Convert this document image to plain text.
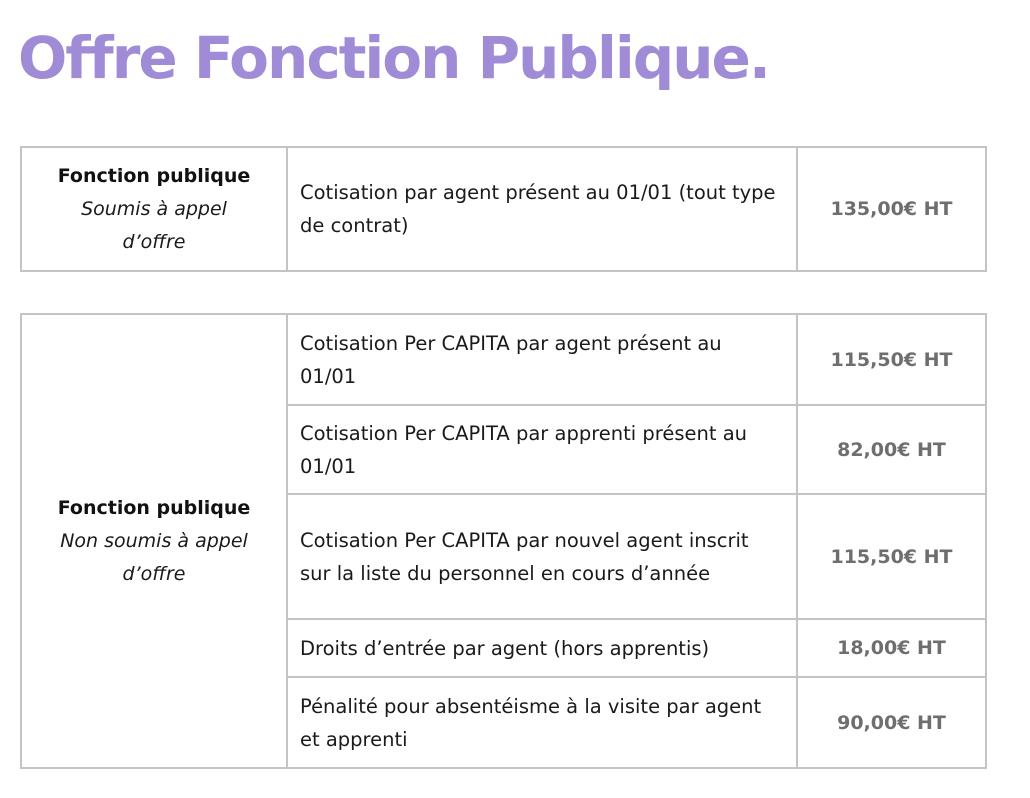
Offre Fonction Publique.
Fonction publique
Soumis à appel d’offre
	Cotisation par agent présent au 01/01 (tout type de contrat)	135,00€ HT
Fonction publique
Non soumis à appel d’offre	Cotisation Per CAPITA par agent présent au 01/01	115,50€ HT
	Cotisation Per CAPITA par apprenti présent au 01/01	82,00€ HT
	Cotisation Per CAPITA par nouvel agent inscrit sur la liste du personnel en cours d’année	115,50€ HT
	Droits d’entrée par agent (hors apprentis)	18,00€ HT
	Pénalité pour absentéisme à la visite par agent et apprenti	90,00€ HT
